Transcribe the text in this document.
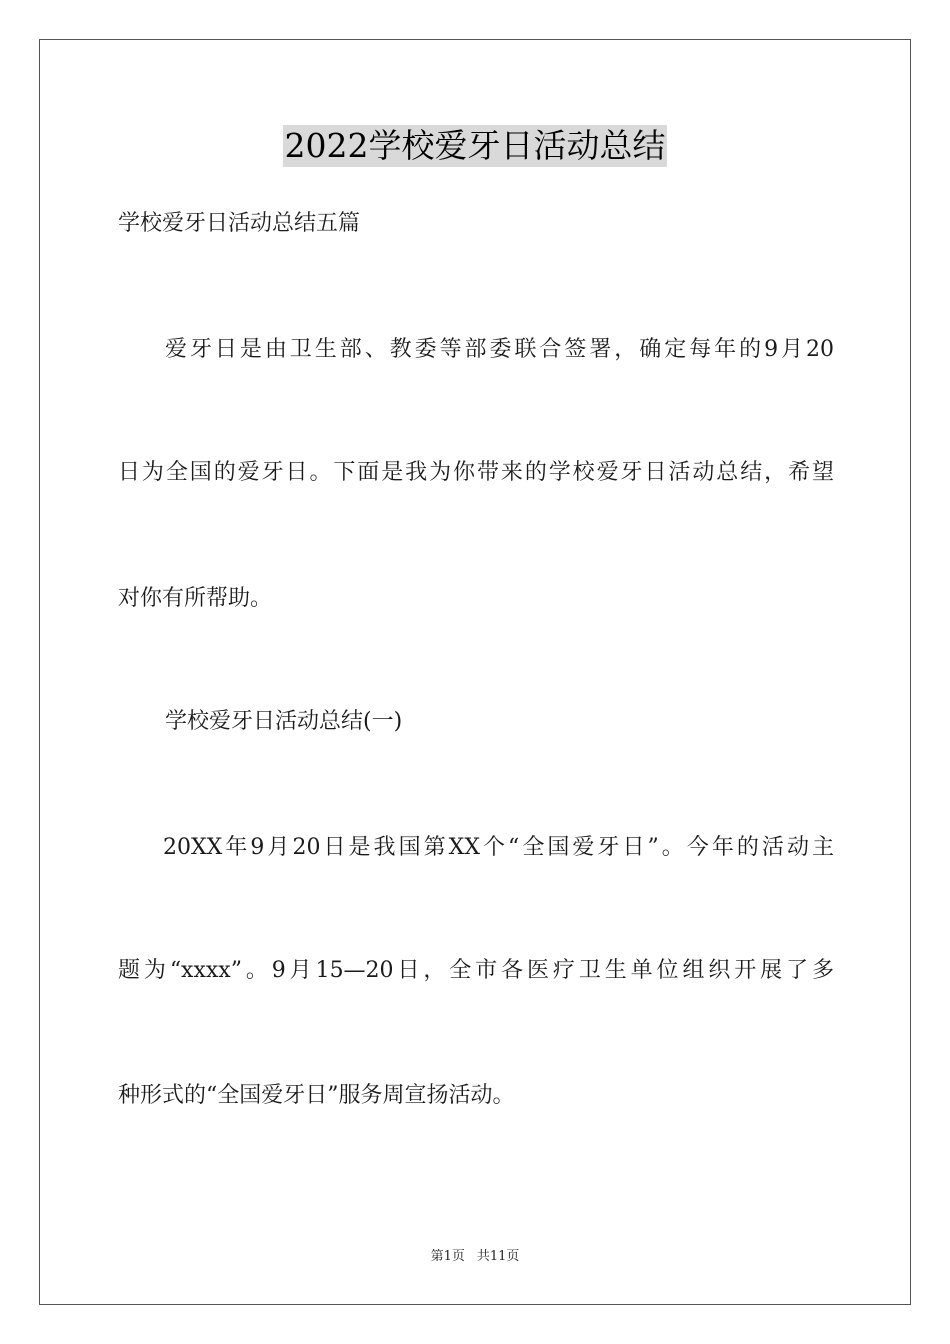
2022学校爱牙日活动总结
学校爱牙日活动总结五篇
爱牙日是由卫生部、教委等部委联合签署，确定每年的9月20
日为全国的爱牙日。下面是我为你带来的学校爱牙日活动总结，希望
对你有所帮助。
学校爱牙日活动总结(一)
20XX年9月20日是我国第XX个“全国爱牙日”。今年的活动主
题为“xxxx”。9月15—20日，全市各医疗卫生单位组织开展了多
种形式的“全国爱牙日”服务周宣扬活动。
第1页 共11页
